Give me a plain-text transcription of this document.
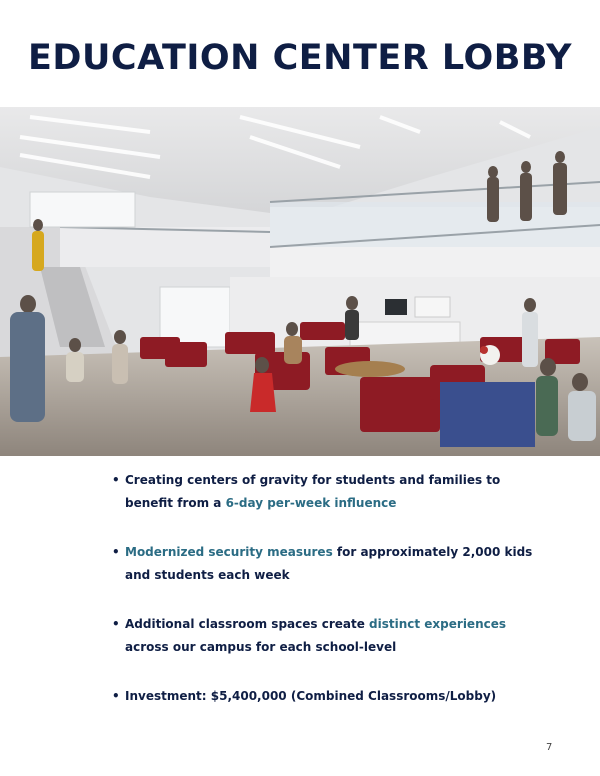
EDUCATION CENTER LOBBY
• Creating centers of gravity for students and families to benefit from a 6-day per-week influence
• Modernized security measures for approximately 2,000 kids and students each week
• Additional classroom spaces create distinct experiences across our campus for each school-level
• Investment: $5,400,000 (Combined Classrooms/Lobby)
7
